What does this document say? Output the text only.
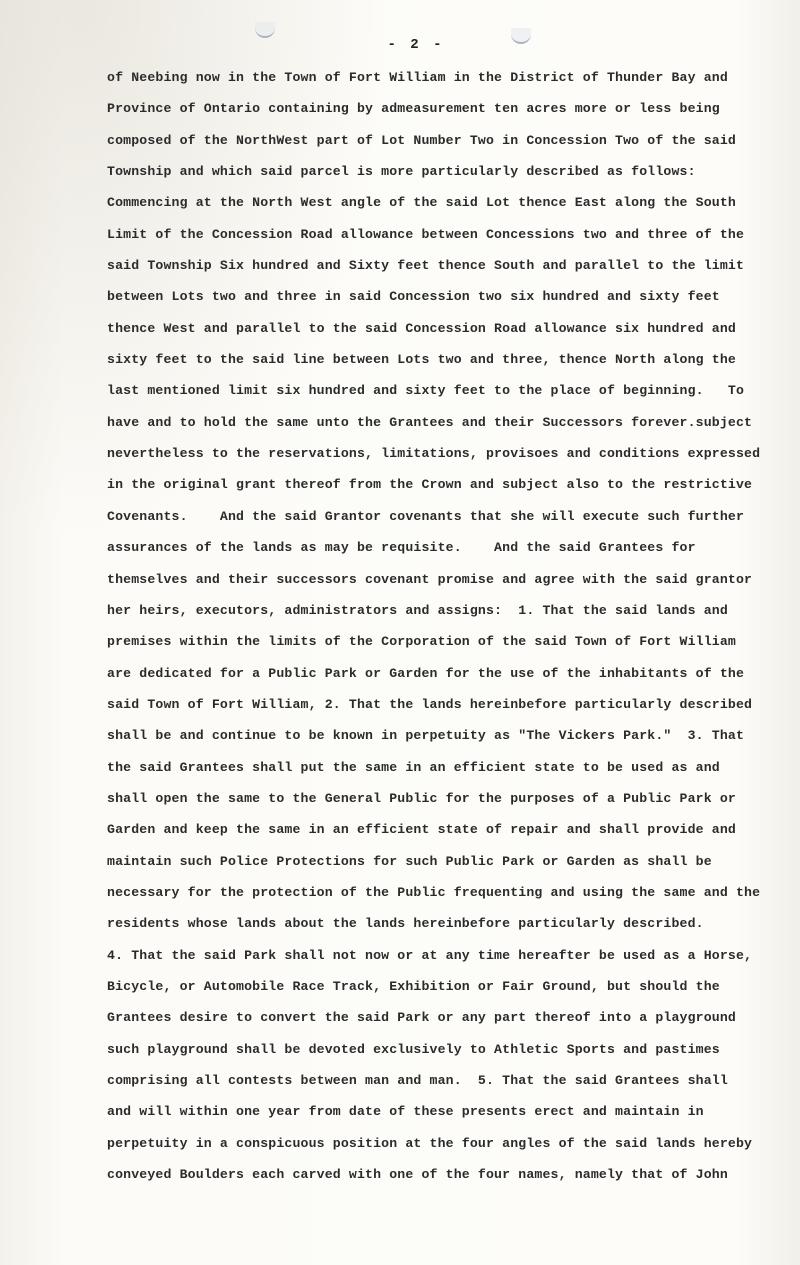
- 2 -
of Neebing now in the Town of Fort William in the District of Thunder Bay and
Province of Ontario containing by admeasurement ten acres more or less being
composed of the NorthWest part of Lot Number Two in Concession Two of the said
Township and which said parcel is more particularly described as follows:
Commencing at the North West angle of the said Lot thence East along the South
Limit of the Concession Road allowance between Concessions two and three of the
said Township Six hundred and Sixty feet thence South and parallel to the limit
between Lots two and three in said Concession two six hundred and sixty feet
thence West and parallel to the said Concession Road allowance six hundred and
sixty feet to the said line between Lots two and three, thence North along the
last mentioned limit six hundred and sixty feet to the place of beginning.   To
have and to hold the same unto the Grantees and their Successors forever.subject
nevertheless to the reservations, limitations, provisoes and conditions expressed
in the original grant thereof from the Crown and subject also to the restrictive
Covenants.    And the said Grantor covenants that she will execute such further
assurances of the lands as may be requisite.    And the said Grantees for
themselves and their successors covenant promise and agree with the said grantor
her heirs, executors, administrators and assigns:  1. That the said lands and
premises within the limits of the Corporation of the said Town of Fort William
are dedicated for a Public Park or Garden for the use of the inhabitants of the
said Town of Fort William, 2. That the lands hereinbefore particularly described
shall be and continue to be known in perpetuity as "The Vickers Park."  3. That
the said Grantees shall put the same in an efficient state to be used as and
shall open the same to the General Public for the purposes of a Public Park or
Garden and keep the same in an efficient state of repair and shall provide and
maintain such Police Protections for such Public Park or Garden as shall be
necessary for the protection of the Public frequenting and using the same and the
residents whose lands about the lands hereinbefore particularly described.
4. That the said Park shall not now or at any time hereafter be used as a Horse,
Bicycle, or Automobile Race Track, Exhibition or Fair Ground, but should the
Grantees desire to convert the said Park or any part thereof into a playground
such playground shall be devoted exclusively to Athletic Sports and pastimes
comprising all contests between man and man.  5. That the said Grantees shall
and will within one year from date of these presents erect and maintain in
perpetuity in a conspicuous position at the four angles of the said lands hereby
conveyed Boulders each carved with one of the four names, namely that of John
